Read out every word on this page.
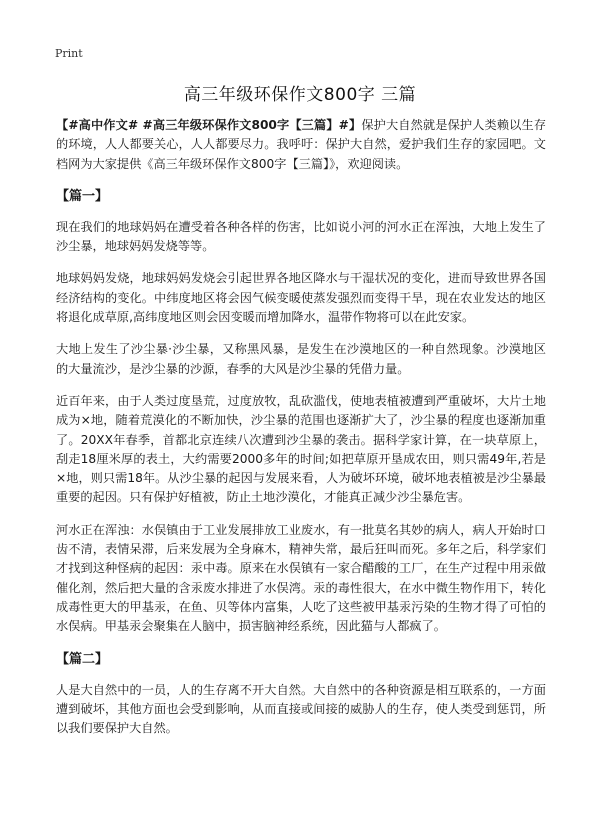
Print
高三年级环保作文800字 三篇

【#高中作文# #高三年级环保作文800字【三篇】#】保护大自然就是保护人类赖以生存的环境，人人都要关心，人人都要尽力。我呼吁：保护大自然，爱护我们生存的家园吧。文档网为大家提供《高三年级环保作文800字【三篇】》，欢迎阅读。

【篇一】

现在我们的地球妈妈在遭受着各种各样的伤害，比如说小河的河水正在浑浊，大地上发生了沙尘暴，地球妈妈发烧等等。

地球妈妈发烧，地球妈妈发烧会引起世界各地区降水与干湿状况的变化，进而导致世界各国经济结构的变化。中纬度地区将会因气候变暖使蒸发强烈而变得干旱，现在农业发达的地区将退化成草原,高纬度地区则会因变暖而增加降水，温带作物将可以在此安家。

大地上发生了沙尘暴·沙尘暴，又称黑风暴，是发生在沙漠地区的一种自然现象。沙漠地区的大量流沙，是沙尘暴的沙源，春季的大风是沙尘暴的凭借力量。

近百年来，由于人类过度垦荒，过度放牧，乱砍滥伐，使地表植被遭到严重破坏，大片土地成为×地，随着荒漠化的不断加快，沙尘暴的范围也逐渐扩大了，沙尘暴的程度也逐渐加重了。20XX年春季，首都北京连续八次遭到沙尘暴的袭击。据科学家计算，在一块草原上，刮走18厘米厚的表土，大约需要2000多年的时间;如把草原开垦成农田，则只需49年,若是×地，则只需18年。从沙尘暴的起因与发展来看，人为破坏环境，破坏地表植被是沙尘暴最重要的起因。只有保护好植被，防止土地沙漠化，才能真正减少沙尘暴危害。

河水正在浑浊：水俣镇由于工业发展排放工业废水，有一批莫名其妙的病人，病人开始时口齿不清，表情呆滞，后来发展为全身麻木，精神失常，最后狂叫而死。多年之后，科学家们才找到这种怪病的起因：汞中毒。原来在水俣镇有一家合醋酸的工厂，在生产过程中用汞做催化剂，然后把大量的含汞废水排进了水俣湾。汞的毒性很大，在水中微生物作用下，转化成毒性更大的甲基汞，在鱼、贝等体内富集，人吃了这些被甲基汞污染的生物才得了可怕的水俣病。甲基汞会聚集在人脑中，损害脑神经系统，因此猫与人都疯了。

【篇二】

人是大自然中的一员，人的生存离不开大自然。大自然中的各种资源是相互联系的，一方面遭到破坏，其他方面也会受到影响，从而直接或间接的威胁人的生存，使人类受到惩罚，所以我们要保护大自然。
